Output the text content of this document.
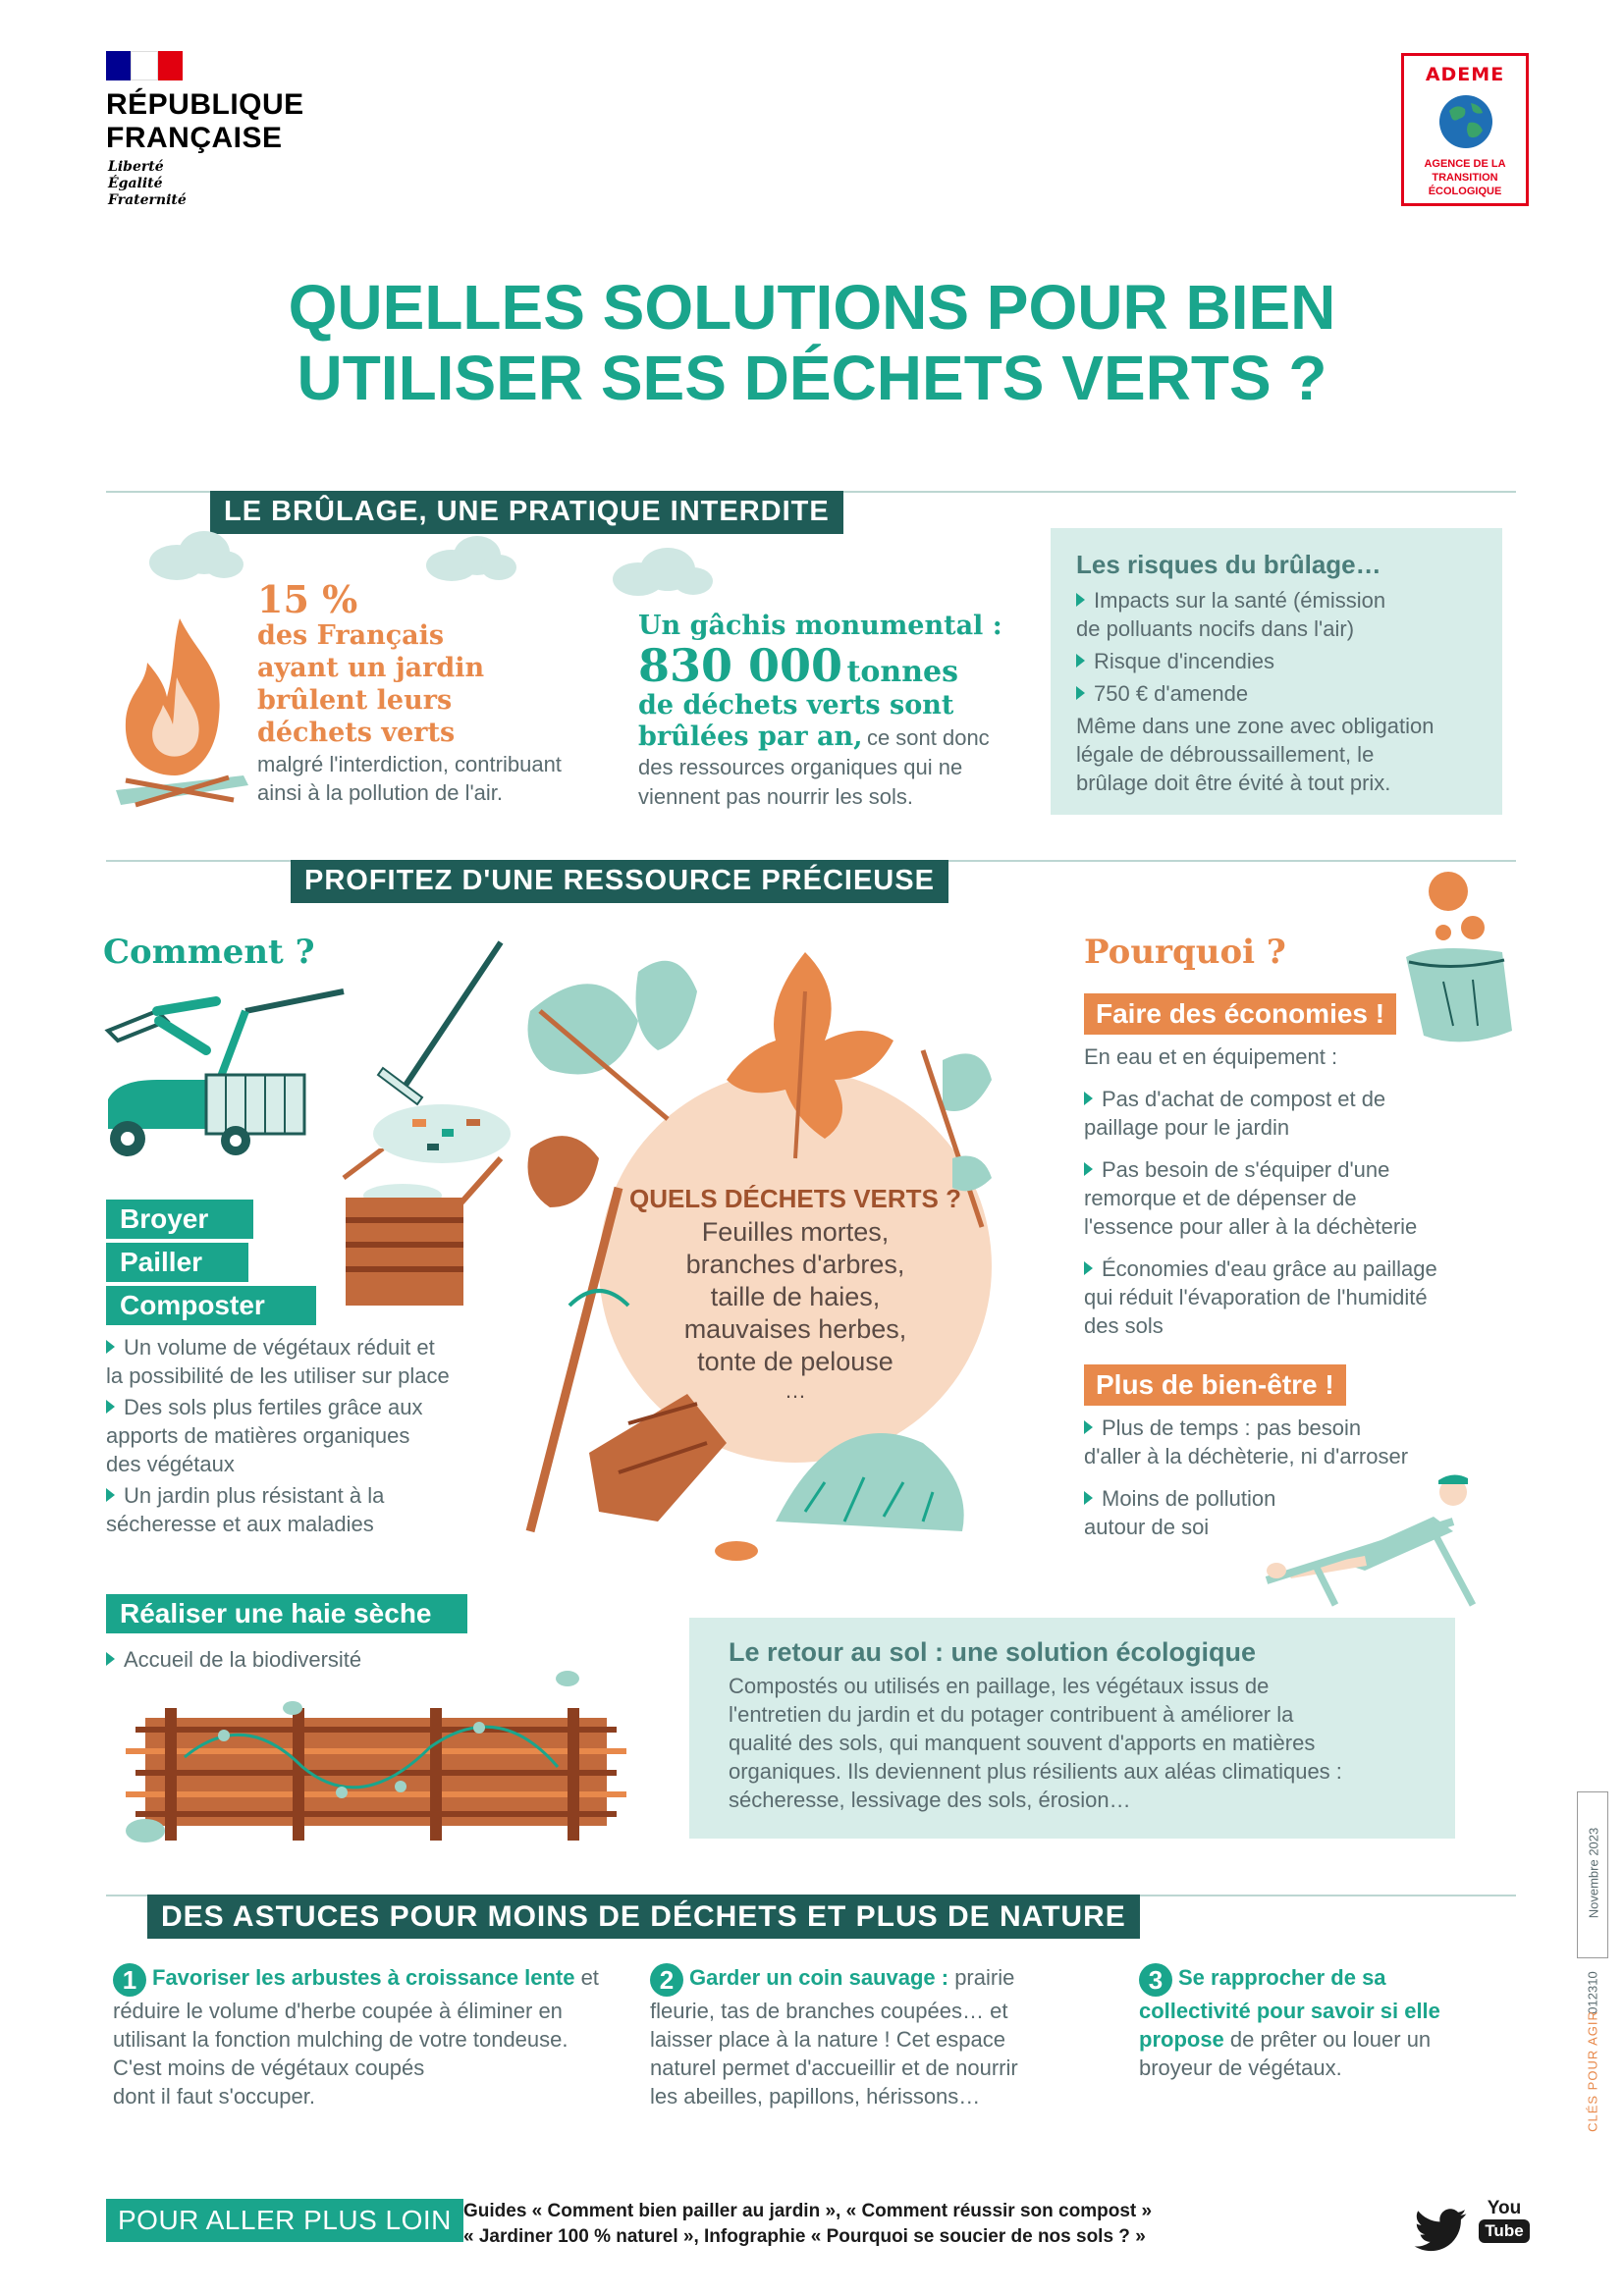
RÉPUBLIQUE
FRANÇAISE
Liberté
Égalité
Fraternité
ADEME
AGENCE DE LA
TRANSITION
ÉCOLOGIQUE
QUELLES SOLUTIONS POUR BIEN
UTILISER SES DÉCHETS VERTS ?
LE BRÛLAGE, UNE PRATIQUE INTERDITE
15 %
des Français
ayant un jardin
brûlent leurs
déchets verts
malgré l'interdiction, contribuant
ainsi à la pollution de l'air.
Un gâchis monumental :
830 000 tonnes
de déchets verts sont
brûlées par an, ce sont donc
des ressources organiques qui ne
viennent pas nourrir les sols.
Les risques du brûlage…
Impacts sur la santé (émission
de polluants nocifs dans l'air)
Risque d'incendies
750 € d'amende
Même dans une zone avec obligation
légale de débroussaillement, le
brûlage doit être évité à tout prix.
PROFITEZ D'UNE RESSOURCE PRÉCIEUSE
Comment ?
Broyer
Pailler
Composter
Un volume de végétaux réduit et
la possibilité de les utiliser sur place
Des sols plus fertiles grâce aux
apports de matières organiques
des végétaux
Un jardin plus résistant à la
sécheresse et aux maladies
QUELS DÉCHETS VERTS ?
Feuilles mortes,
branches d'arbres,
taille de haies,
mauvaises herbes,
tonte de pelouse
…
Pourquoi ?
Faire des économies !
En eau et en équipement :
Pas d'achat de compost et de
paillage pour le jardin
Pas besoin de s'équiper d'une
remorque et de dépenser de
l'essence pour aller à la déchèterie
Économies d'eau grâce au paillage
qui réduit l'évaporation de l'humidité
des sols
Plus de bien-être !
Plus de temps : pas besoin
d'aller à la déchèterie, ni d'arroser
Moins de pollution
autour de soi
Réaliser une haie sèche
Accueil de la biodiversité	Le retour au sol : une solution écologique
Compostés ou utilisés en paillage, les végétaux issus de
l'entretien du jardin et du potager contribuent à améliorer la
qualité des sols, qui manquent souvent d'apports en matières
organiques. Ils deviennent plus résilients aux aléas climatiques :
sécheresse, lessivage des sols, érosion…
Novembre 2023
012310
CLÉS POUR AGIR
DES ASTUCES POUR MOINS DE DÉCHETS ET PLUS DE NATURE
1 Favoriser les arbustes à croissance lente et
réduire le volume d'herbe coupée à éliminer en
utilisant la fonction mulching de votre tondeuse.
C'est moins de végétaux coupés
dont il faut s'occuper.
2 Garder un coin sauvage : prairie
fleurie, tas de branches coupées… et
laisser place à la nature ! Cet espace
naturel permet d'accueillir et de nourrir
les abeilles, papillons, hérissons…
3 Se rapprocher de sa
collectivité pour savoir si elle
propose de prêter ou louer un
broyeur de végétaux.
POUR ALLER PLUS LOIN Guides « Comment bien pailler au jardin », « Comment réussir son compost »
« Jardiner 100 % naturel », Infographie « Pourquoi se soucier de nos sols ? »
You
Tube
